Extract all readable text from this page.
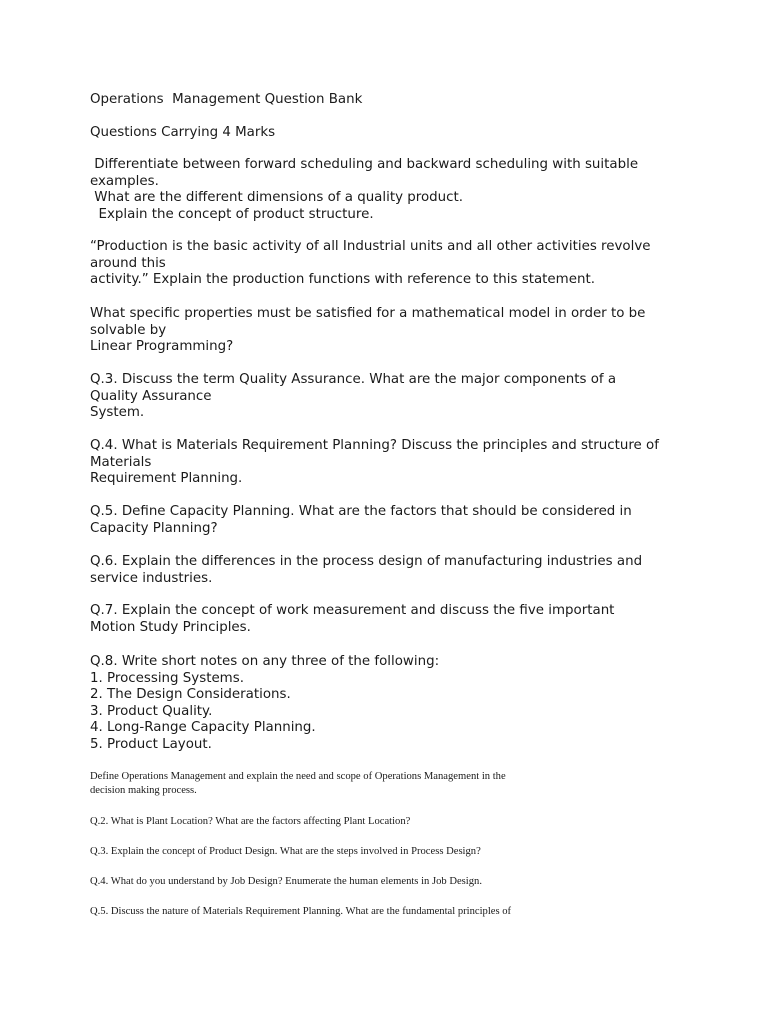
Operations  Management Question Bank
Questions Carrying 4 Marks
Differentiate between forward scheduling and backward scheduling with suitable
examples.
What are the different dimensions of a quality product.
Explain the concept of product structure.
“Production is the basic activity of all Industrial units and all other activities revolve
around this
activity.” Explain the production functions with reference to this statement.
What specific properties must be satisfied for a mathematical model in order to be
solvable by
Linear Programming?
Q.3. Discuss the term Quality Assurance. What are the major components of a
Quality Assurance
System.
Q.4. What is Materials Requirement Planning? Discuss the principles and structure of
Materials
Requirement Planning.
Q.5. Define Capacity Planning. What are the factors that should be considered in
Capacity Planning?
Q.6. Explain the differences in the process design of manufacturing industries and
service industries.
Q.7. Explain the concept of work measurement and discuss the five important
Motion Study Principles.
Q.8. Write short notes on any three of the following:
1. Processing Systems.
2. The Design Considerations.
3. Product Quality.
4. Long-Range Capacity Planning.
5. Product Layout.
Define Operations Management and explain the need and scope of Operations Management in the
decision making process.
Q.2. What is Plant Location? What are the factors affecting Plant Location?
Q.3. Explain the concept of Product Design. What are the steps involved in Process Design?
Q.4. What do you understand by Job Design? Enumerate the human elements in Job Design.
Q.5. Discuss the nature of Materials Requirement Planning. What are the fundamental principles of
